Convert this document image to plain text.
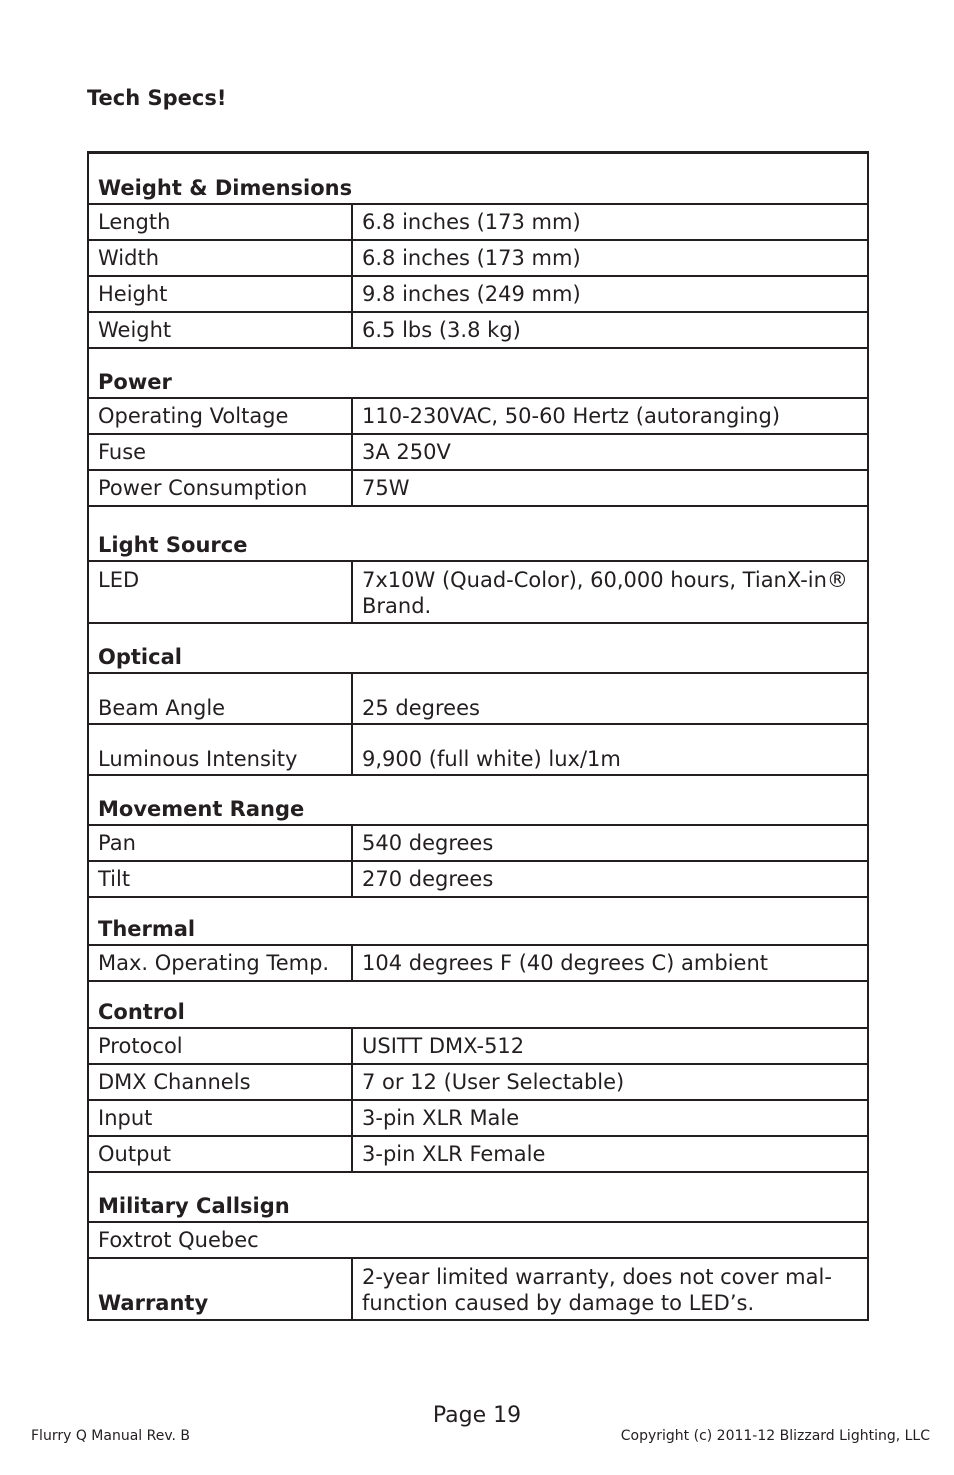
Tech Specs!
Weight & Dimensions	
Length	6.8 inches (173 mm)
Width	6.8 inches (173 mm)
Height	9.8 inches (249 mm)
Weight	6.5 lbs (3.8 kg)
Power	
Operating Voltage	110-230VAC, 50-60 Hertz (autoranging)
Fuse	3A 250V
Power Consumption	75W
Light Source	
LED	7x10W (Quad-Color), 60,000 hours, TianX-in® Brand.
Optical	
Beam Angle	25 degrees
Luminous Intensity	9,900 (full white) lux/1m
Movement Range	
Pan	540 degrees
Tilt	270 degrees
Thermal	
Max. Operating Temp.	104 degrees F (40 degrees C) ambient
Control	
Protocol	USITT DMX-512
DMX Channels	7 or 12 (User Selectable)
Input	3-pin XLR Male
Output	3-pin XLR Female
Military Callsign	
Foxtrot Quebec	
Warranty	2-year limited warranty, does not cover mal-function caused by damage to LED’s.
Page 19
Flurry Q Manual Rev. B	Copyright (c) 2011-12 Blizzard Lighting, LLC
